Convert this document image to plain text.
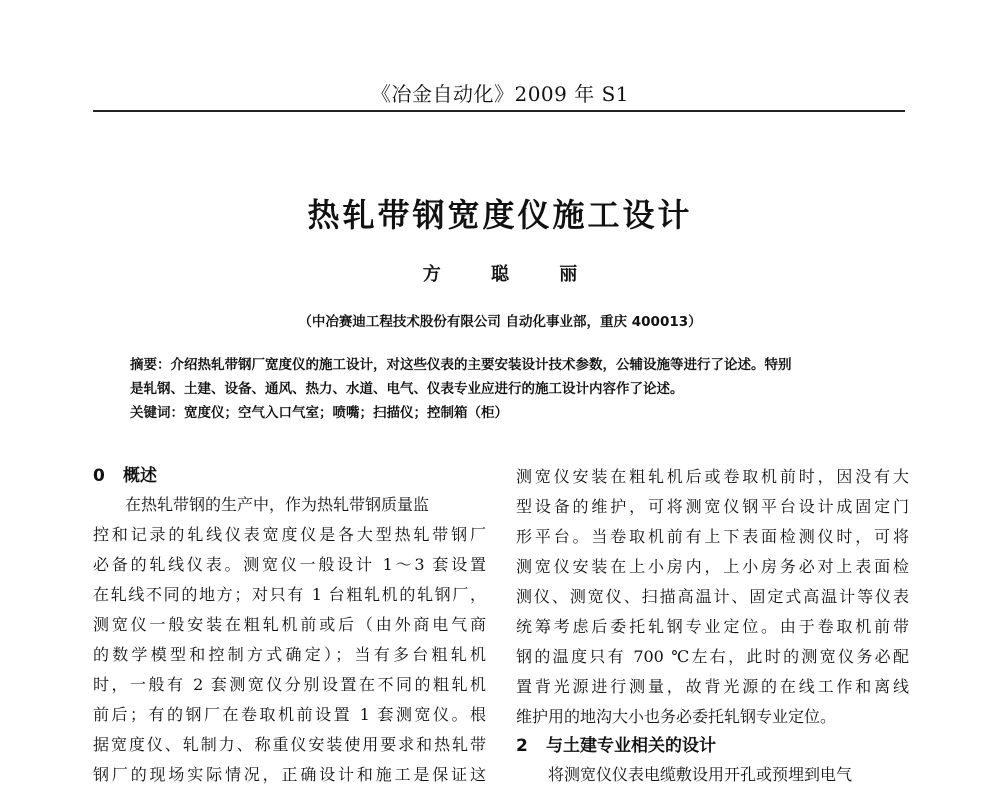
《冶金自动化》2009 年 S1
热轧带钢宽度仪施工设计
方 聪 丽
（中冶赛迪工程技术股份有限公司 自动化事业部，重庆 400013）
摘要：介绍热轧带钢厂宽度仪的施工设计，对这些仪表的主要安装设计技术参数，公辅设施等进行了论述。特别
是轧钢、土建、设备、通风、热力、水道、电气、仪表专业应进行的施工设计内容作了论述。
关键词：宽度仪；空气入口气室；喷嘴；扫描仪；控制箱（柜）
0 概述
在热轧带钢的生产中，作为热轧带钢质量监
控和记录的轧线仪表宽度仪是各大型热轧带钢厂
必备的轧线仪表。测宽仪一般设计 1～3 套设置
在轧线不同的地方；对只有 1 台粗轧机的轧钢厂，
测宽仪一般安装在粗轧机前或后（由外商电气商
的数学模型和控制方式确定）；当有多台粗轧机
时，一般有 2 套测宽仪分别设置在不同的粗轧机
前后；有的钢厂在卷取机前设置 1 套测宽仪。根
据宽度仪、轧制力、称重仪安装使用要求和热轧带
钢厂的现场实际情况，正确设计和施工是保证这
测宽仪安装在粗轧机后或卷取机前时，因没有大
型设备的维护，可将测宽仪钢平台设计成固定门
形平台。当卷取机前有上下表面检测仪时，可将
测宽仪安装在上小房内，上小房务必对上表面检
测仪、测宽仪、扫描高温计、固定式高温计等仪表
统筹考虑后委托轧钢专业定位。由于卷取机前带
钢的温度只有 700 ℃左右，此时的测宽仪务必配
置背光源进行测量，故背光源的在线工作和离线
维护用的地沟大小也务必委托轧钢专业定位。
2 与土建专业相关的设计
将测宽仪仪表电缆敷设用开孔或预埋到电气
